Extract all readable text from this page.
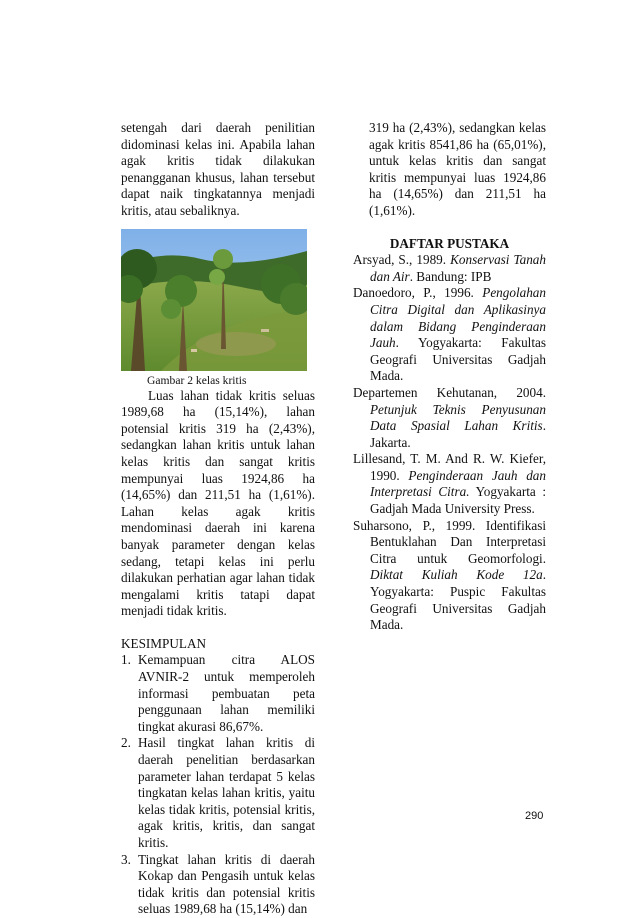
setengah dari daerah penilitian didominasi kelas ini. Apabila lahan agak kritis tidak dilakukan penangganan khusus, lahan tersebut dapat naik tingkatannya menjadi kritis, atau sebaliknya.

Gambar 2 kelas kritis

Luas lahan tidak kritis seluas 1989,68 ha (15,14%), lahan potensial kritis 319 ha (2,43%), sedangkan lahan kritis untuk lahan kelas kritis dan sangat kritis mempunyai luas 1924,86 ha (14,65%) dan 211,51 ha (1,61%). Lahan kelas agak kritis mendominasi daerah ini karena banyak parameter dengan kelas sedang, tetapi kelas ini perlu dilakukan perhatian agar lahan tidak mengalami kritis tatapi dapat menjadi tidak kritis.

KESIMPULAN

1. Kemampuan citra ALOS AVNIR-2 untuk memperoleh informasi pembuatan peta penggunaan lahan memiliki tingkat akurasi 86,67%.
2. Hasil tingkat lahan kritis di daerah penelitian berdasarkan parameter lahan terdapat 5 kelas tingkatan kelas lahan kritis, yaitu kelas tidak kritis, potensial kritis, agak kritis, kritis, dan sangat kritis.
3. Tingkat lahan kritis di daerah Kokap dan Pengasih untuk kelas tidak kritis dan potensial kritis seluas 1989,68 ha (15,14%) dan

319 ha (2,43%), sedangkan kelas agak kritis 8541,86 ha (65,01%), untuk kelas kritis dan sangat kritis mempunyai luas 1924,86 ha (14,65%) dan 211,51 ha (1,61%).

DAFTAR PUSTAKA

Arsyad, S., 1989. Konservasi Tanah dan Air. Bandung: IPB

Danoedoro, P., 1996. Pengolahan Citra Digital dan Aplikasinya dalam Bidang Penginderaan Jauh. Yogyakarta: Fakultas Geografi Universitas Gadjah Mada.

Departemen Kehutanan, 2004. Petunjuk Teknis Penyusunan Data Spasial Lahan Kritis. Jakarta.

Lillesand, T. M. And R. W. Kiefer, 1990. Penginderaan Jauh dan Interpretasi Citra. Yogyakarta : Gadjah Mada University Press.

Suharsono, P., 1999. Identifikasi Bentuklahan Dan Interpretasi Citra untuk Geomorfologi. Diktat Kuliah Kode 12a. Yogyakarta: Puspic Fakultas Geografi Universitas Gadjah Mada.

290
